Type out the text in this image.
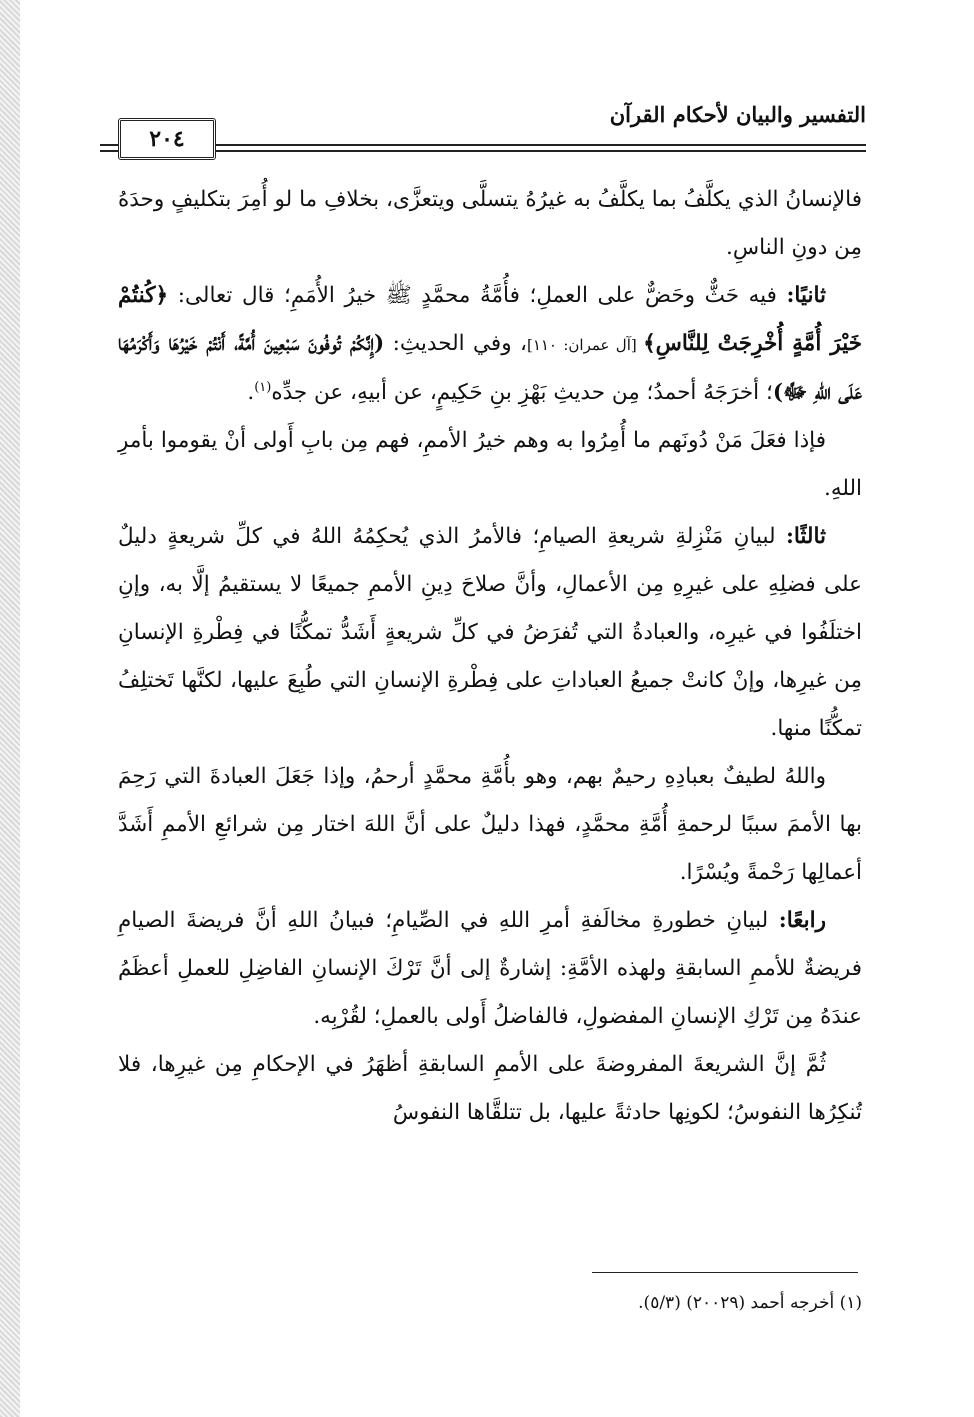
التفسير والبيان لأحكام القرآن
٢٠٤

فالإنسانُ الذي يكلَّفُ بما يكلَّفُ به غيرُهُ يتسلَّى ويتعزَّى، بخلافِ ما لو أُمِرَ بتكليفٍ وحدَهُ مِن دونِ الناسِ.

ثانيًا: فيه حَثٌّ وحَضٌّ على العملِ؛ فأُمَّةُ محمَّدٍ ﷺ خيرُ الأُمَمِ؛ قال تعالى: ﴿كُنتُمْ خَيْرَ أُمَّةٍ أُخْرِجَتْ لِلنَّاسِ﴾ [آل عمران: ١١٠]، وفي الحديثِ: (إِنَّكُمْ تُوفُونَ سَبْعِينَ أُمَّةً، أَنْتُمْ خَيْرُهَا وَأَكْرَمُهَا عَلَى اللهِ ﷻ)؛ أخرَجَهُ أحمدُ؛ مِن حديثِ بَهْزِ بنِ حَكِيمٍ، عن أبيهِ، عن جدِّه$^{(١)}$.

فإذا فعَلَ مَنْ دُونَهم ما أُمِرُوا به وهم خيرُ الأممِ، فهم مِن بابِ أَولى أنْ يقوموا بأمرِ اللهِ.

ثالثًا: لبيانِ مَنْزِلةِ شريعةِ الصيامِ؛ فالأمرُ الذي يُحكِمُهُ اللهُ في كلِّ شريعةٍ دليلٌ على فضلِهِ على غيرِهِ مِن الأعمالِ، وأنَّ صلاحَ دِينِ الأممِ جميعًا لا يستقيمُ إلَّا به، وإنِ اختلَفُوا في غيرِه، والعبادةُ التي تُفرَضُ في كلِّ شريعةٍ أَشَدُّ تمكُّنًا في فِطْرةِ الإنسانِ مِن غيرِها، وإنْ كانتْ جميعُ العباداتِ على فِطْرةِ الإنسانِ التي طُبِعَ عليها، لكنَّها تَختلِفُ تمكُّنًا منها.

واللهُ لطيفٌ بعبادِهِ رحيمٌ بهم، وهو بأُمَّةِ محمَّدٍ أرحمُ، وإذا جَعَلَ العبادةَ التي رَحِمَ بها الأممَ سببًا لرحمةِ أُمَّةِ محمَّدٍ، فهذا دليلٌ على أنَّ اللهَ اختار مِن شرائعِ الأممِ أَشَدَّ أعمالِها رَحْمةً ويُسْرًا.

رابعًا: لبيانِ خطورةِ مخالَفةِ أمرِ اللهِ في الصِّيامِ؛ فبيانُ اللهِ أنَّ فريضةَ الصيامِ فريضةٌ للأممِ السابقةِ ولهذه الأمَّةِ: إشارةٌ إلى أنَّ تَرْكَ الإنسانِ الفاضِلِ للعملِ أعظَمُ عندَهُ مِن تَرْكِ الإنسانِ المفضولِ، فالفاضلُ أَولى بالعملِ؛ لقُرْبِه.

ثُمَّ إنَّ الشريعةَ المفروضةَ على الأممِ السابقةِ أظهَرُ في الإحكامِ مِن غيرِها، فلا تُنكِرُها النفوسُ؛ لكونِها حادثةً عليها، بل تتلقَّاها النفوسُ

(١) أخرجه أحمد (٢٠٠٢٩) (٥/٣).
